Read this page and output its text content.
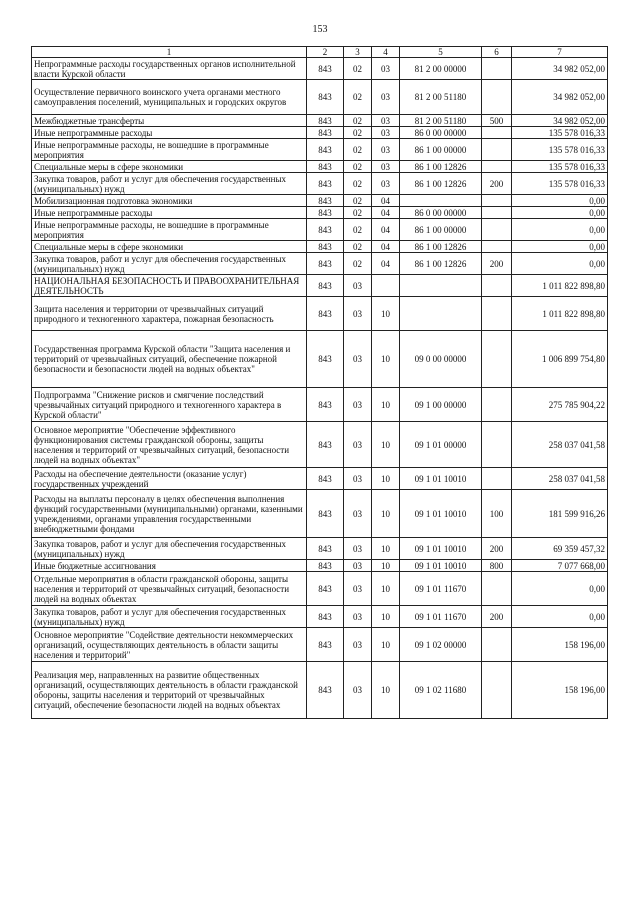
153
1	2	3	4	5	6	7
Непрограммные расходы государственных органов исполнительной власти Курской области	843	02	03	81 2 00 00000		34 982 052,00
Осуществление первичного воинского учета органами местного самоуправления поселений, муниципальных и городских округов	843	02	03	81 2 00 51180		34 982 052,00
Межбюджетные трансферты	843	02	03	81 2 00 51180	500	34 982 052,00
Иные непрограммные расходы	843	02	03	86 0 00 00000		135 578 016,33
Иные непрограммные расходы, не вошедшие в программные мероприятия	843	02	03	86 1 00 00000		135 578 016,33
Специальные меры в сфере экономики	843	02	03	86 1 00 12826		135 578 016,33
Закупка товаров, работ и услуг для обеспечения государственных (муниципальных) нужд	843	02	03	86 1 00 12826	200	135 578 016,33
Мобилизационная подготовка экономики	843	02	04			0,00
Иные непрограммные расходы	843	02	04	86 0 00 00000		0,00
Иные непрограммные расходы, не вошедшие в программные мероприятия	843	02	04	86 1 00 00000		0,00
Специальные меры в сфере экономики	843	02	04	86 1 00 12826		0,00
Закупка товаров, работ и услуг для обеспечения государственных (муниципальных) нужд	843	02	04	86 1 00 12826	200	0,00
НАЦИОНАЛЬНАЯ БЕЗОПАСНОСТЬ И ПРАВООХРАНИТЕЛЬНАЯ ДЕЯТЕЛЬНОСТЬ	843	03				1 011 822 898,80
Защита населения и территории от чрезвычайных ситуаций природного и техногенного характера, пожарная безопасность	843	03	10			1 011 822 898,80
Государственная программа Курской области "Защита населения и территорий от чрезвычайных ситуаций, обеспечение пожарной безопасности и безопасности людей на водных объектах"	843	03	10	09 0 00 00000		1 006 899 754,80
Подпрограмма "Снижение рисков и смягчение последствий чрезвычайных ситуаций природного и техногенного характера в Курской области"	843	03	10	09 1 00 00000		275 785 904,22
Основное мероприятие "Обеспечение эффективного функционирования системы гражданской обороны, защиты населения и территорий от чрезвычайных ситуаций, безопасности людей на водных объектах"	843	03	10	09 1 01 00000		258 037 041,58
Расходы на обеспечение деятельности (оказание услуг) государственных учреждений	843	03	10	09 1 01 10010		258 037 041,58
Расходы на выплаты персоналу в целях обеспечения выполнения функций государственными (муниципальными) органами, казенными учреждениями, органами управления государственными внебюджетными фондами	843	03	10	09 1 01 10010	100	181 599 916,26
Закупка товаров, работ и услуг для обеспечения государственных (муниципальных) нужд	843	03	10	09 1 01 10010	200	69 359 457,32
Иные бюджетные ассигнования	843	03	10	09 1 01 10010	800	7 077 668,00
Отдельные мероприятия в области гражданской обороны, защиты населения и территорий от чрезвычайных ситуаций, безопасности людей на водных объектах	843	03	10	09 1 01 11670		0,00
Закупка товаров, работ и услуг для обеспечения государственных (муниципальных) нужд	843	03	10	09 1 01 11670	200	0,00
Основное мероприятие "Содействие деятельности некоммерческих организаций, осуществляющих деятельность в области защиты населения и территорий"	843	03	10	09 1 02 00000		158 196,00
Реализация мер, направленных на развитие общественных организаций, осуществляющих деятельность в области гражданской обороны, защиты населения и территорий от чрезвычайных ситуаций, обеспечение безопасности людей на водных объектах	843	03	10	09 1 02 11680		158 196,00
